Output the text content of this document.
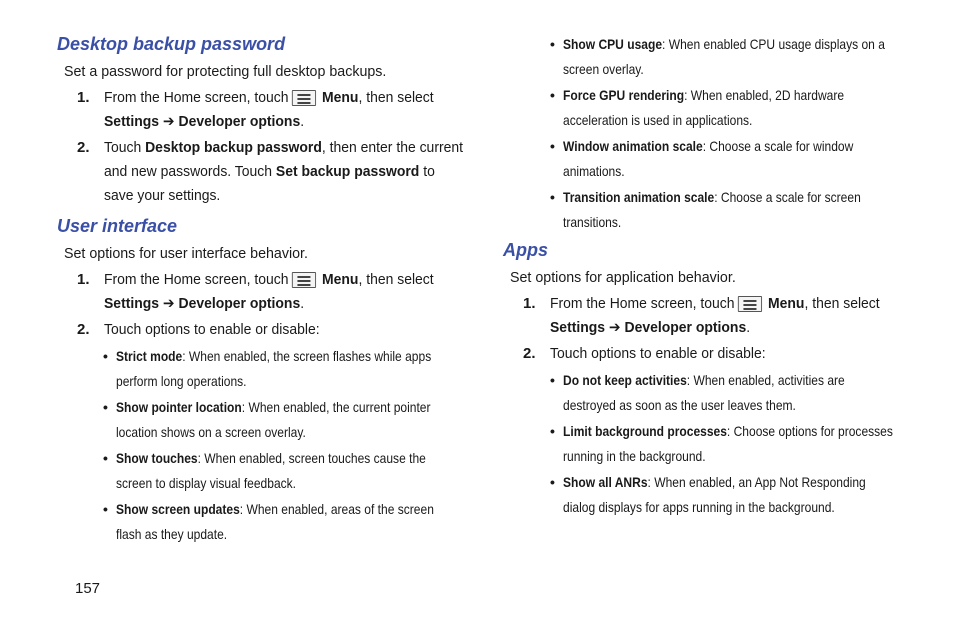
Desktop backup password

Set a password for protecting full desktop backups.

1. From the Home screen, touch Menu, then select
Settings ➔ Developer options.
2. Touch Desktop backup password, then enter the current and new passwords. Touch Set backup password to save your settings.
User interface

Set options for user interface behavior.

1. From the Home screen, touch Menu, then select
Settings ➔ Developer options.
2. Touch options to enable or disable:
• Strict mode: When enabled, the screen flashes while apps perform long operations.
• Show pointer location: When enabled, the current pointer location shows on a screen overlay.
• Show touches: When enabled, screen touches cause the screen to display visual feedback.
• Show screen updates: When enabled, areas of the screen flash as they update.
• Show CPU usage: When enabled CPU usage displays on a screen overlay.
• Force GPU rendering: When enabled, 2D hardware acceleration is used in applications.
• Window animation scale: Choose a scale for window animations.
• Transition animation scale: Choose a scale for screen transitions.
Apps

Set options for application behavior.

1. From the Home screen, touch Menu, then select
Settings ➔ Developer options.
2. Touch options to enable or disable:
• Do not keep activities: When enabled, activities are destroyed as soon as the user leaves them.
• Limit background processes: Choose options for processes running in the background.
• Show all ANRs: When enabled, an App Not Responding dialog displays for apps running in the background.
157
